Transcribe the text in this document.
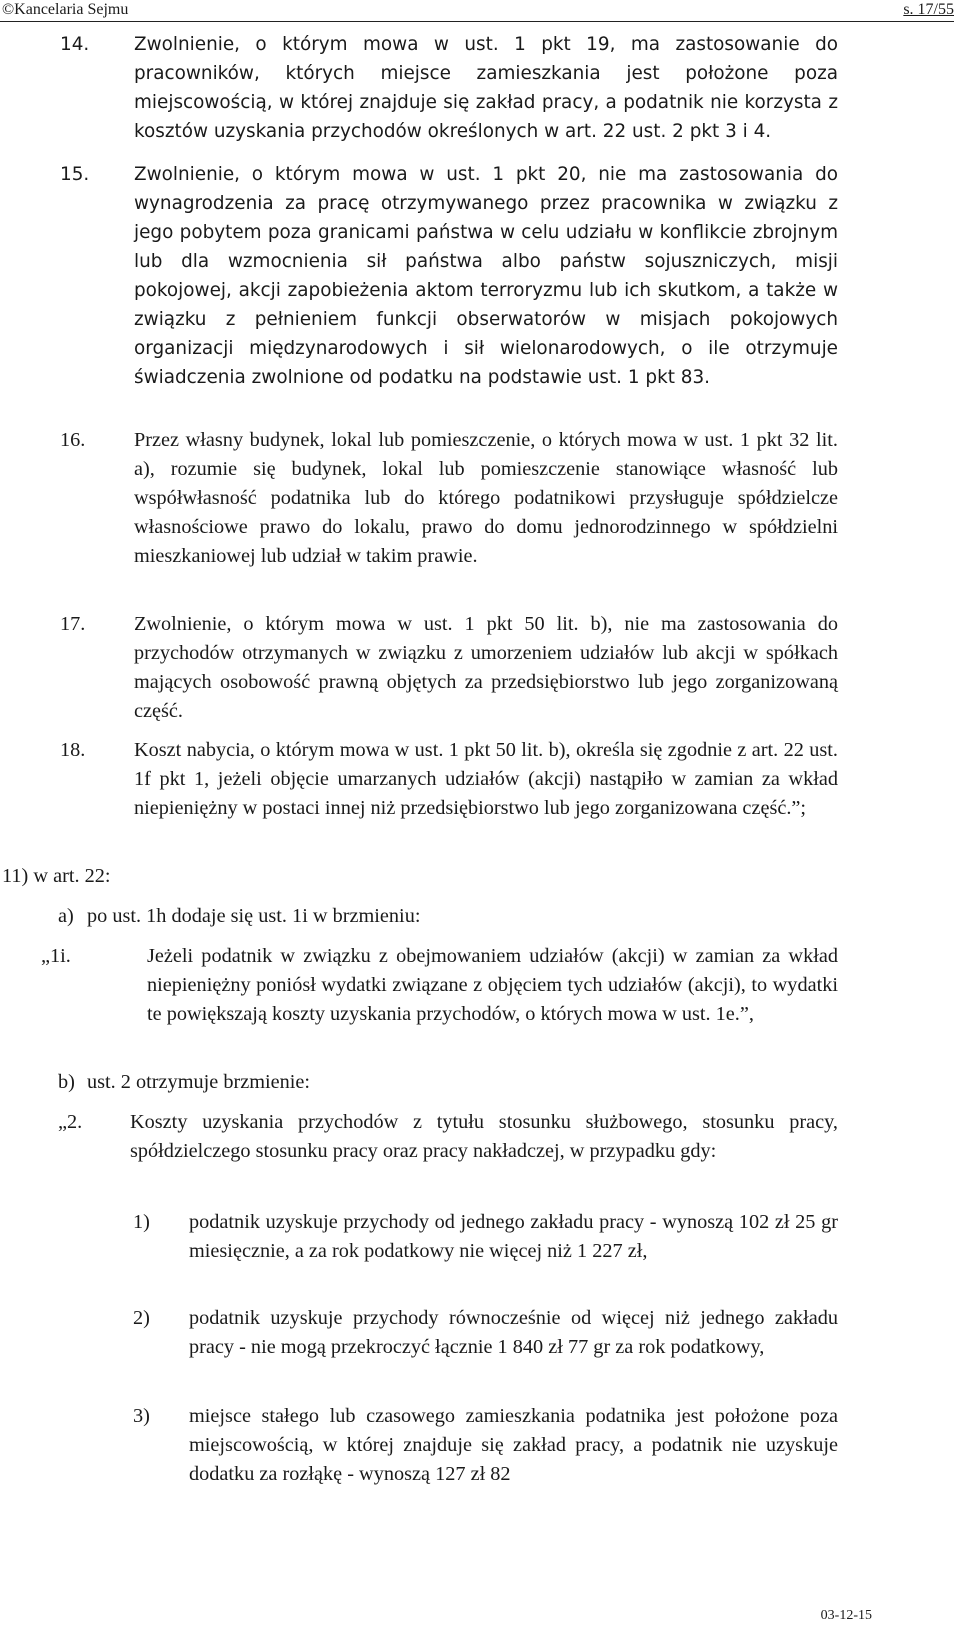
©Kancelaria Sejmu	s. 17/55
14. Zwolnienie, o którym mowa w ust. 1 pkt 19, ma zastosowanie do pracowników, których miejsce zamieszkania jest położone poza miejscowością, w której znajduje się zakład pracy, a podatnik nie korzysta z kosztów uzyskania przychodów określonych w art. 22 ust. 2 pkt 3 i 4.
15. Zwolnienie, o którym mowa w ust. 1 pkt 20, nie ma zastosowania do wynagrodzenia za pracę otrzymywanego przez pracownika w związku z jego pobytem poza granicami państwa w celu udziału w konflikcie zbrojnym lub dla wzmocnienia sił państwa albo państw sojuszniczych, misji pokojowej, akcji zapobieżenia aktom terroryzmu lub ich skutkom, a także w związku z pełnieniem funkcji obserwatorów w misjach pokojowych organizacji międzynarodowych i sił wielonarodowych, o ile otrzymuje świadczenia zwolnione od podatku na podstawie ust. 1 pkt 83.
16. Przez własny budynek, lokal lub pomieszczenie, o których mowa w ust. 1 pkt 32 lit. a), rozumie się budynek, lokal lub pomieszczenie stanowiące własność lub współwłasność podatnika lub do którego podatnikowi przysługuje spółdzielcze własnościowe prawo do lokalu, prawo do domu jednorodzinnego w spółdzielni mieszkaniowej lub udział w takim prawie.
17. Zwolnienie, o którym mowa w ust. 1 pkt 50 lit. b), nie ma zastosowania do przychodów otrzymanych w związku z umorzeniem udziałów lub akcji w spółkach mających osobowość prawną objętych za przedsiębiorstwo lub jego zorganizowaną część.
18. Koszt nabycia, o którym mowa w ust. 1 pkt 50 lit. b), określa się zgodnie z art. 22 ust. 1f pkt 1, jeżeli objęcie umarzanych udziałów (akcji) nastąpiło w zamian za wkład niepieniężny w postaci innej niż przedsiębiorstwo lub jego zorganizowana część.”;
11) w art. 22:
a) po ust. 1h dodaje się ust. 1i w brzmieniu:
„1i.	Jeżeli podatnik w związku z obejmowaniem udziałów (akcji) w zamian za wkład niepieniężny poniósł wydatki związane z objęciem tych udziałów (akcji), to wydatki te powiększają koszty uzyskania przychodów, o których mowa w ust. 1e.”,
b) ust. 2 otrzymuje brzmienie:
„2. Koszty uzyskania przychodów z tytułu stosunku służbowego, stosunku pracy, spółdzielczego stosunku pracy oraz pracy nakładczej, w przypadku gdy:
1) podatnik uzyskuje przychody od jednego zakładu pracy - wynoszą 102 zł 25 gr miesięcznie, a za rok podatkowy nie więcej niż 1 227 zł,
2) podatnik uzyskuje przychody równocześnie od więcej niż jednego zakładu pracy - nie mogą przekroczyć łącznie 1 840 zł 77 gr za rok podatkowy,
3) miejsce stałego lub czasowego zamieszkania podatnika jest położone poza miejscowością, w której znajduje się zakład pracy, a podatnik nie uzyskuje dodatku za rozłąkę - wynoszą 127 zł 82
03-12-15
